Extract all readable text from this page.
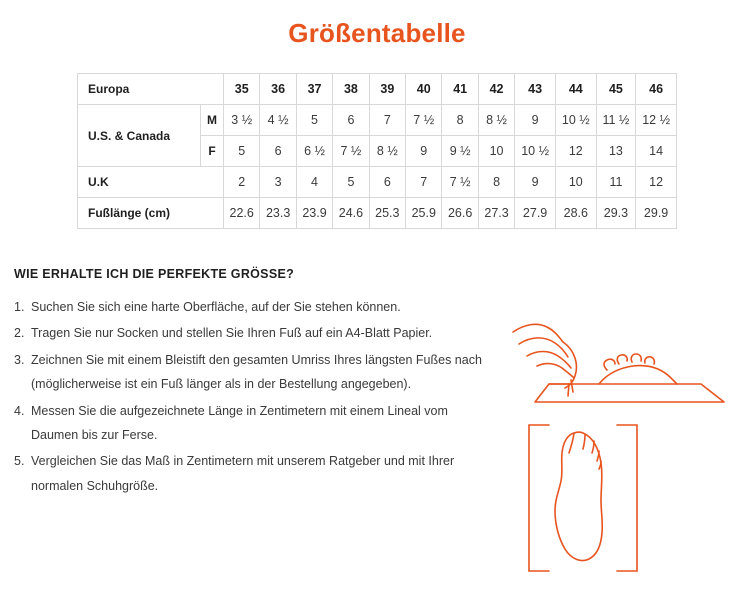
Größentabelle
Europa		35	36	37	38	39	40	41	42	43	44	45	46
U.S. & Canada	M	3 ½	4 ½	5	6	7	7 ½	8	8 ½	9	10 ½	11 ½	12 ½
	F	5	6	6 ½	7 ½	8 ½	9	9 ½	10	10 ½	12	13	14
U.K		2	3	4	5	6	7	7 ½	8	9	10	11	12
Fußlänge (cm)		22.6	23.3	23.9	24.6	25.3	25.9	26.6	27.3	27.9	28.6	29.3	29.9
WIE ERHALTE ICH DIE PERFEKTE GRÖSSE?
1. Suchen Sie sich eine harte Oberfläche, auf der Sie stehen können.
2. Tragen Sie nur Socken und stellen Sie Ihren Fuß auf ein A4-Blatt Papier.
3. Zeichnen Sie mit einem Bleistift den gesamten Umriss Ihres längsten Fußes nach (möglicherweise ist ein Fuß länger als in der Bestellung angegeben).
4. Messen Sie die aufgezeichnete Länge in Zentimetern mit einem Lineal vom Daumen bis zur Ferse.
5. Vergleichen Sie das Maß in Zentimetern mit unserem Ratgeber und mit Ihrer normalen Schuhgröße.
